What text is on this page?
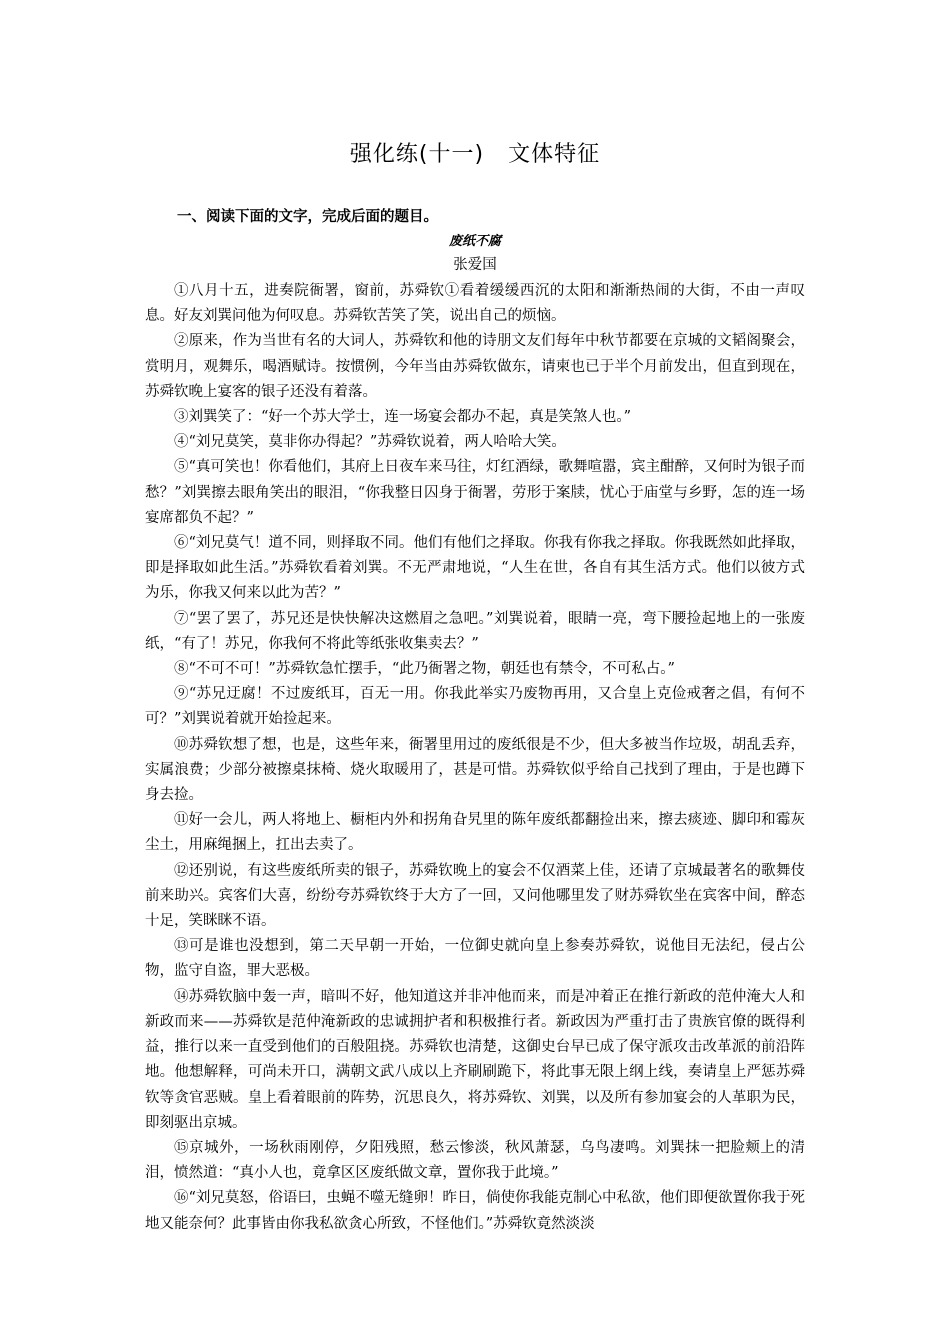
强化练(十一) 文体特征
一、阅读下面的文字，完成后面的题目。
废纸不腐
张爱国

①八月十五，进奏院衙署，窗前，苏舜钦①看着缓缓西沉的太阳和渐渐热闹的大街，不由一声叹息。好友刘巽问他为何叹息。苏舜钦苦笑了笑，说出自己的烦恼。

②原来，作为当世有名的大词人，苏舜钦和他的诗朋文友们每年中秋节都要在京城的文韬阁聚会，赏明月，观舞乐，喝酒赋诗。按惯例，今年当由苏舜钦做东，请柬也已于半个月前发出，但直到现在，苏舜钦晚上宴客的银子还没有着落。

③刘巽笑了：“好一个苏大学士，连一场宴会都办不起，真是笑煞人也。”

④“刘兄莫笑，莫非你办得起？”苏舜钦说着，两人哈哈大笑。

⑤“真可笑也！你看他们，其府上日夜车来马往，灯红酒绿，歌舞喧嚣，宾主酣醉，又何时为银子而愁？”刘巽擦去眼角笑出的眼泪，“你我整日囚身于衙署，劳形于案牍，忧心于庙堂与乡野，怎的连一场宴席都负不起？”

⑥“刘兄莫气！道不同，则择取不同。他们有他们之择取。你我有你我之择取。你我既然如此择取，即是择取如此生活。”苏舜钦看着刘巽。不无严肃地说，“人生在世，各自有其生活方式。他们以彼方式为乐，你我又何来以此为苦？”

⑦“罢了罢了，苏兄还是快快解决这燃眉之急吧。”刘巽说着，眼睛一亮，弯下腰捡起地上的一张废纸，“有了！苏兄，你我何不将此等纸张收集卖去？”

⑧“不可不可！”苏舜钦急忙摆手，“此乃衙署之物，朝廷也有禁令，不可私占。”

⑨“苏兄迂腐！不过废纸耳，百无一用。你我此举实乃废物再用，又合皇上克俭戒奢之倡，有何不可？”刘巽说着就开始捡起来。

⑩苏舜钦想了想，也是，这些年来，衙署里用过的废纸很是不少，但大多被当作垃圾，胡乱丢弃，实属浪费；少部分被擦桌抹椅、烧火取暖用了，甚是可惜。苏舜钦似乎给自己找到了理由，于是也蹲下身去捡。

⑪好一会儿，两人将地上、橱柜内外和拐角旮旯里的陈年废纸都翻捡出来，擦去痰迹、脚印和霉灰尘土，用麻绳捆上，扛出去卖了。

⑫还别说，有这些废纸所卖的银子，苏舜钦晚上的宴会不仅酒菜上佳，还请了京城最著名的歌舞伎前来助兴。宾客们大喜，纷纷夸苏舜钦终于大方了一回，又问他哪里发了财苏舜钦坐在宾客中间，醉态十足，笑眯眯不语。

⑬可是谁也没想到，第二天早朝一开始，一位御史就向皇上参奏苏舜钦，说他目无法纪，侵占公物，监守自盗，罪大恶极。

⑭苏舜钦脑中轰一声，暗叫不好，他知道这并非冲他而来，而是冲着正在推行新政的范仲淹大人和新政而来——苏舜钦是范仲淹新政的忠诚拥护者和积极推行者。新政因为严重打击了贵族官僚的既得利益，推行以来一直受到他们的百般阻挠。苏舜钦也清楚，这御史台早已成了保守派攻击改革派的前沿阵地。他想解释，可尚未开口，满朝文武八成以上齐刷刷跪下，将此事无限上纲上线，奏请皇上严惩苏舜钦等贪官恶贼。皇上看着眼前的阵势，沉思良久，将苏舜钦、刘巽，以及所有参加宴会的人革职为民，即刻驱出京城。

⑮京城外，一场秋雨刚停，夕阳残照，愁云惨淡，秋风萧瑟，乌鸟凄鸣。刘巽抹一把脸颊上的清泪，愤然道：“真小人也，竟拿区区废纸做文章，置你我于此境。”

⑯“刘兄莫怒，俗语曰，虫蝇不噬无缝卵！昨日，倘使你我能克制心中私欲，他们即便欲置你我于死地又能奈何？此事皆由你我私欲贪心所致，不怪他们。”苏舜钦竟然淡淡
